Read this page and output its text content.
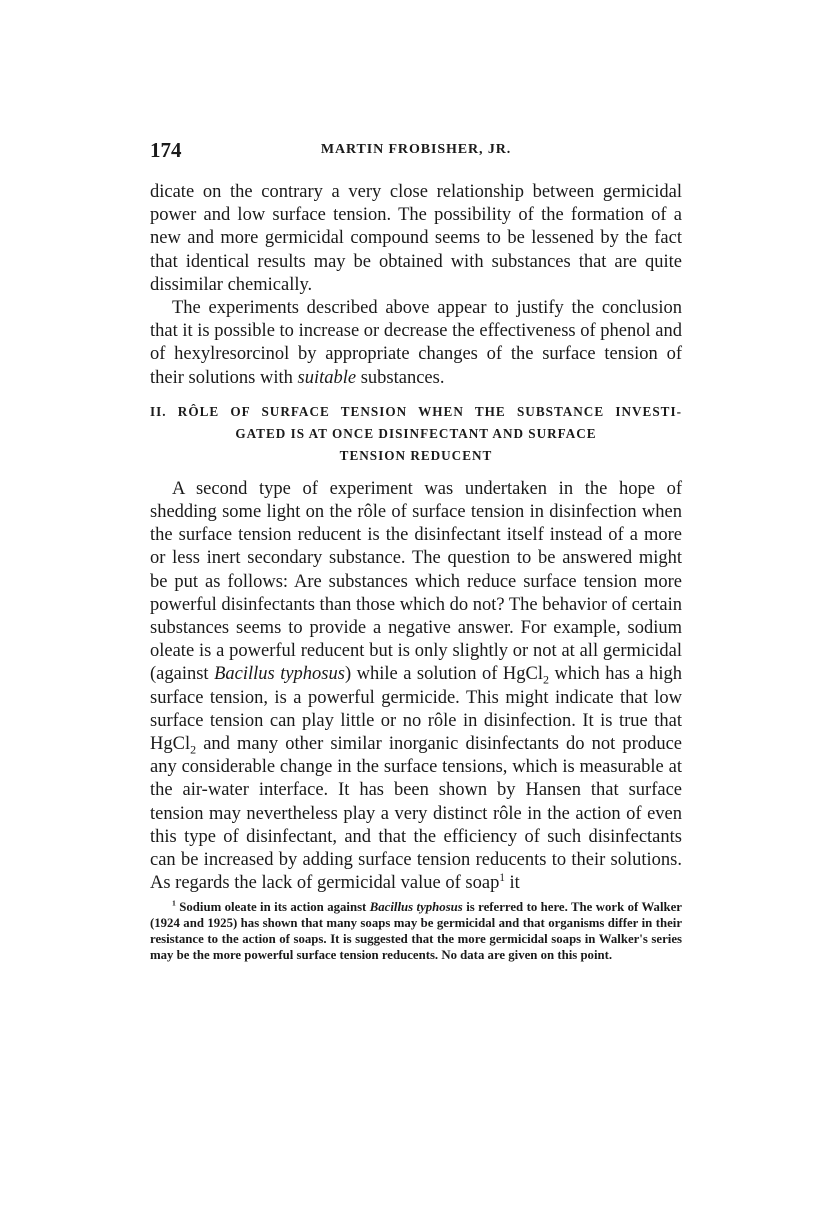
174	MARTIN FROBISHER, JR.

dicate on the contrary a very close relationship between germicidal power and low surface tension. The possibility of the formation of a new and more germicidal compound seems to be lessened by the fact that identical results may be obtained with substances that are quite dissimilar chemically.

The experiments described above appear to justify the conclusion that it is possible to increase or decrease the effectiveness of phenol and of hexylresorcinol by appropriate changes of the surface tension of their solutions with suitable substances.

II. RÔLE OF SURFACE TENSION WHEN THE SUBSTANCE INVESTI-
GATED IS AT ONCE DISINFECTANT AND SURFACE
TENSION REDUCENT

A second type of experiment was undertaken in the hope of shedding some light on the rôle of surface tension in disinfection when the surface tension reducent is the disinfectant itself instead of a more or less inert secondary substance. The question to be answered might be put as follows: Are substances which reduce surface tension more powerful disinfectants than those which do not? The behavior of certain substances seems to provide a negative answer. For example, sodium oleate is a powerful reducent but is only slightly or not at all germicidal (against Bacillus typhosus) while a solution of HgCl$_2$ which has a high surface tension, is a powerful germicide. This might indicate that low surface tension can play little or no rôle in disinfection. It is true that HgCl$_2$ and many other similar inorganic disinfectants do not produce any considerable change in the surface tensions, which is measurable at the air-water interface. It has been shown by Hansen that surface tension may nevertheless play a very distinct rôle in the action of even this type of disinfectant, and that the efficiency of such disinfectants can be increased by adding surface tension reducents to their solutions. As regards the lack of germicidal value of soap$^1$ it

$^1$ Sodium oleate in its action against Bacillus typhosus is referred to here. The work of Walker (1924 and 1925) has shown that many soaps may be germicidal and that organisms differ in their resistance to the action of soaps. It is suggested that the more germicidal soaps in Walker's series may be the more powerful surface tension reducents. No data are given on this point.
